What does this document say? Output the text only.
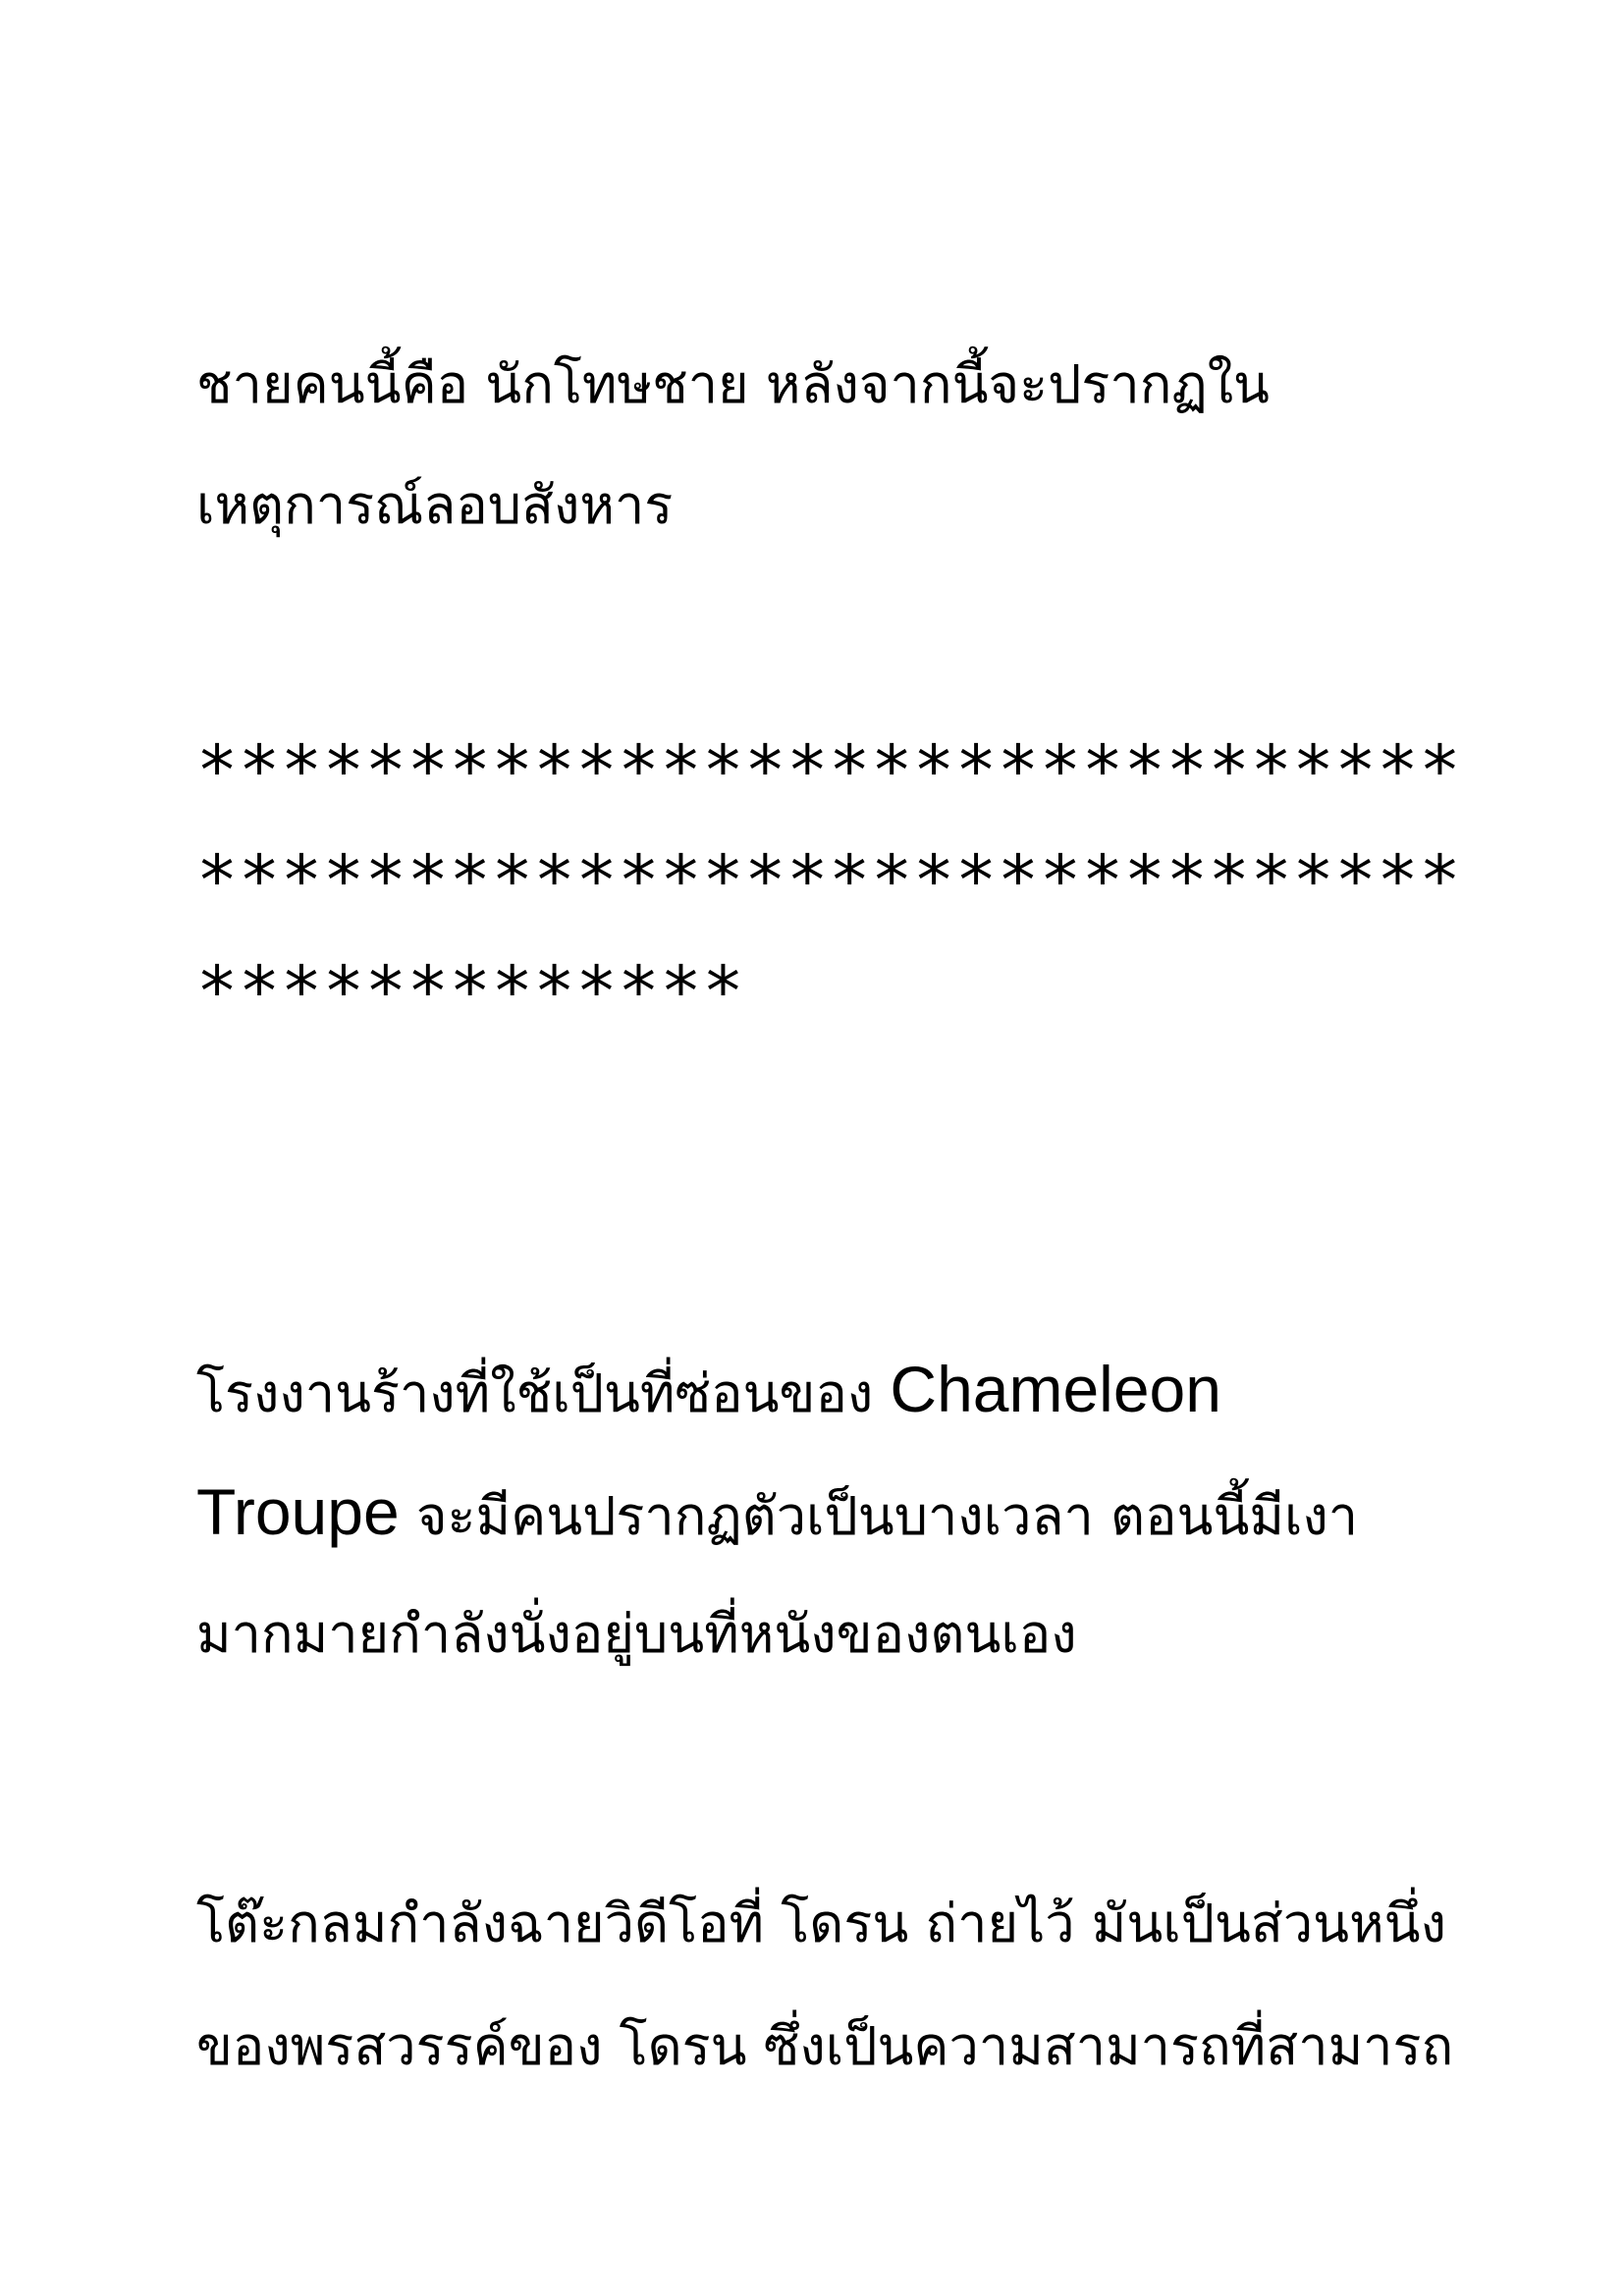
ชายคนนี้คือ นักโทษชาย หลังจากนี้จะปรากฏใน
เหตุการณ์ลอบสังหาร
******************************
******************************
*************
โรงงานร้างที่ใช้เป็นที่ซ่อนของ Chameleon
Troupe จะมีคนปรากฏตัวเป็นบางเวลา ตอนนี้มีเงา
มากมายกำลังนั่งอยู่บนที่หนังของตนเอง
โต๊ะกลมกำลังฉายวิดีโอที่ โดรน ถ่ายไว้ มันเป็นส่วนหนึ่ง
ของพรสวรรค์ของ โดรน ซึ่งเป็นความสามารถที่สามารถ
